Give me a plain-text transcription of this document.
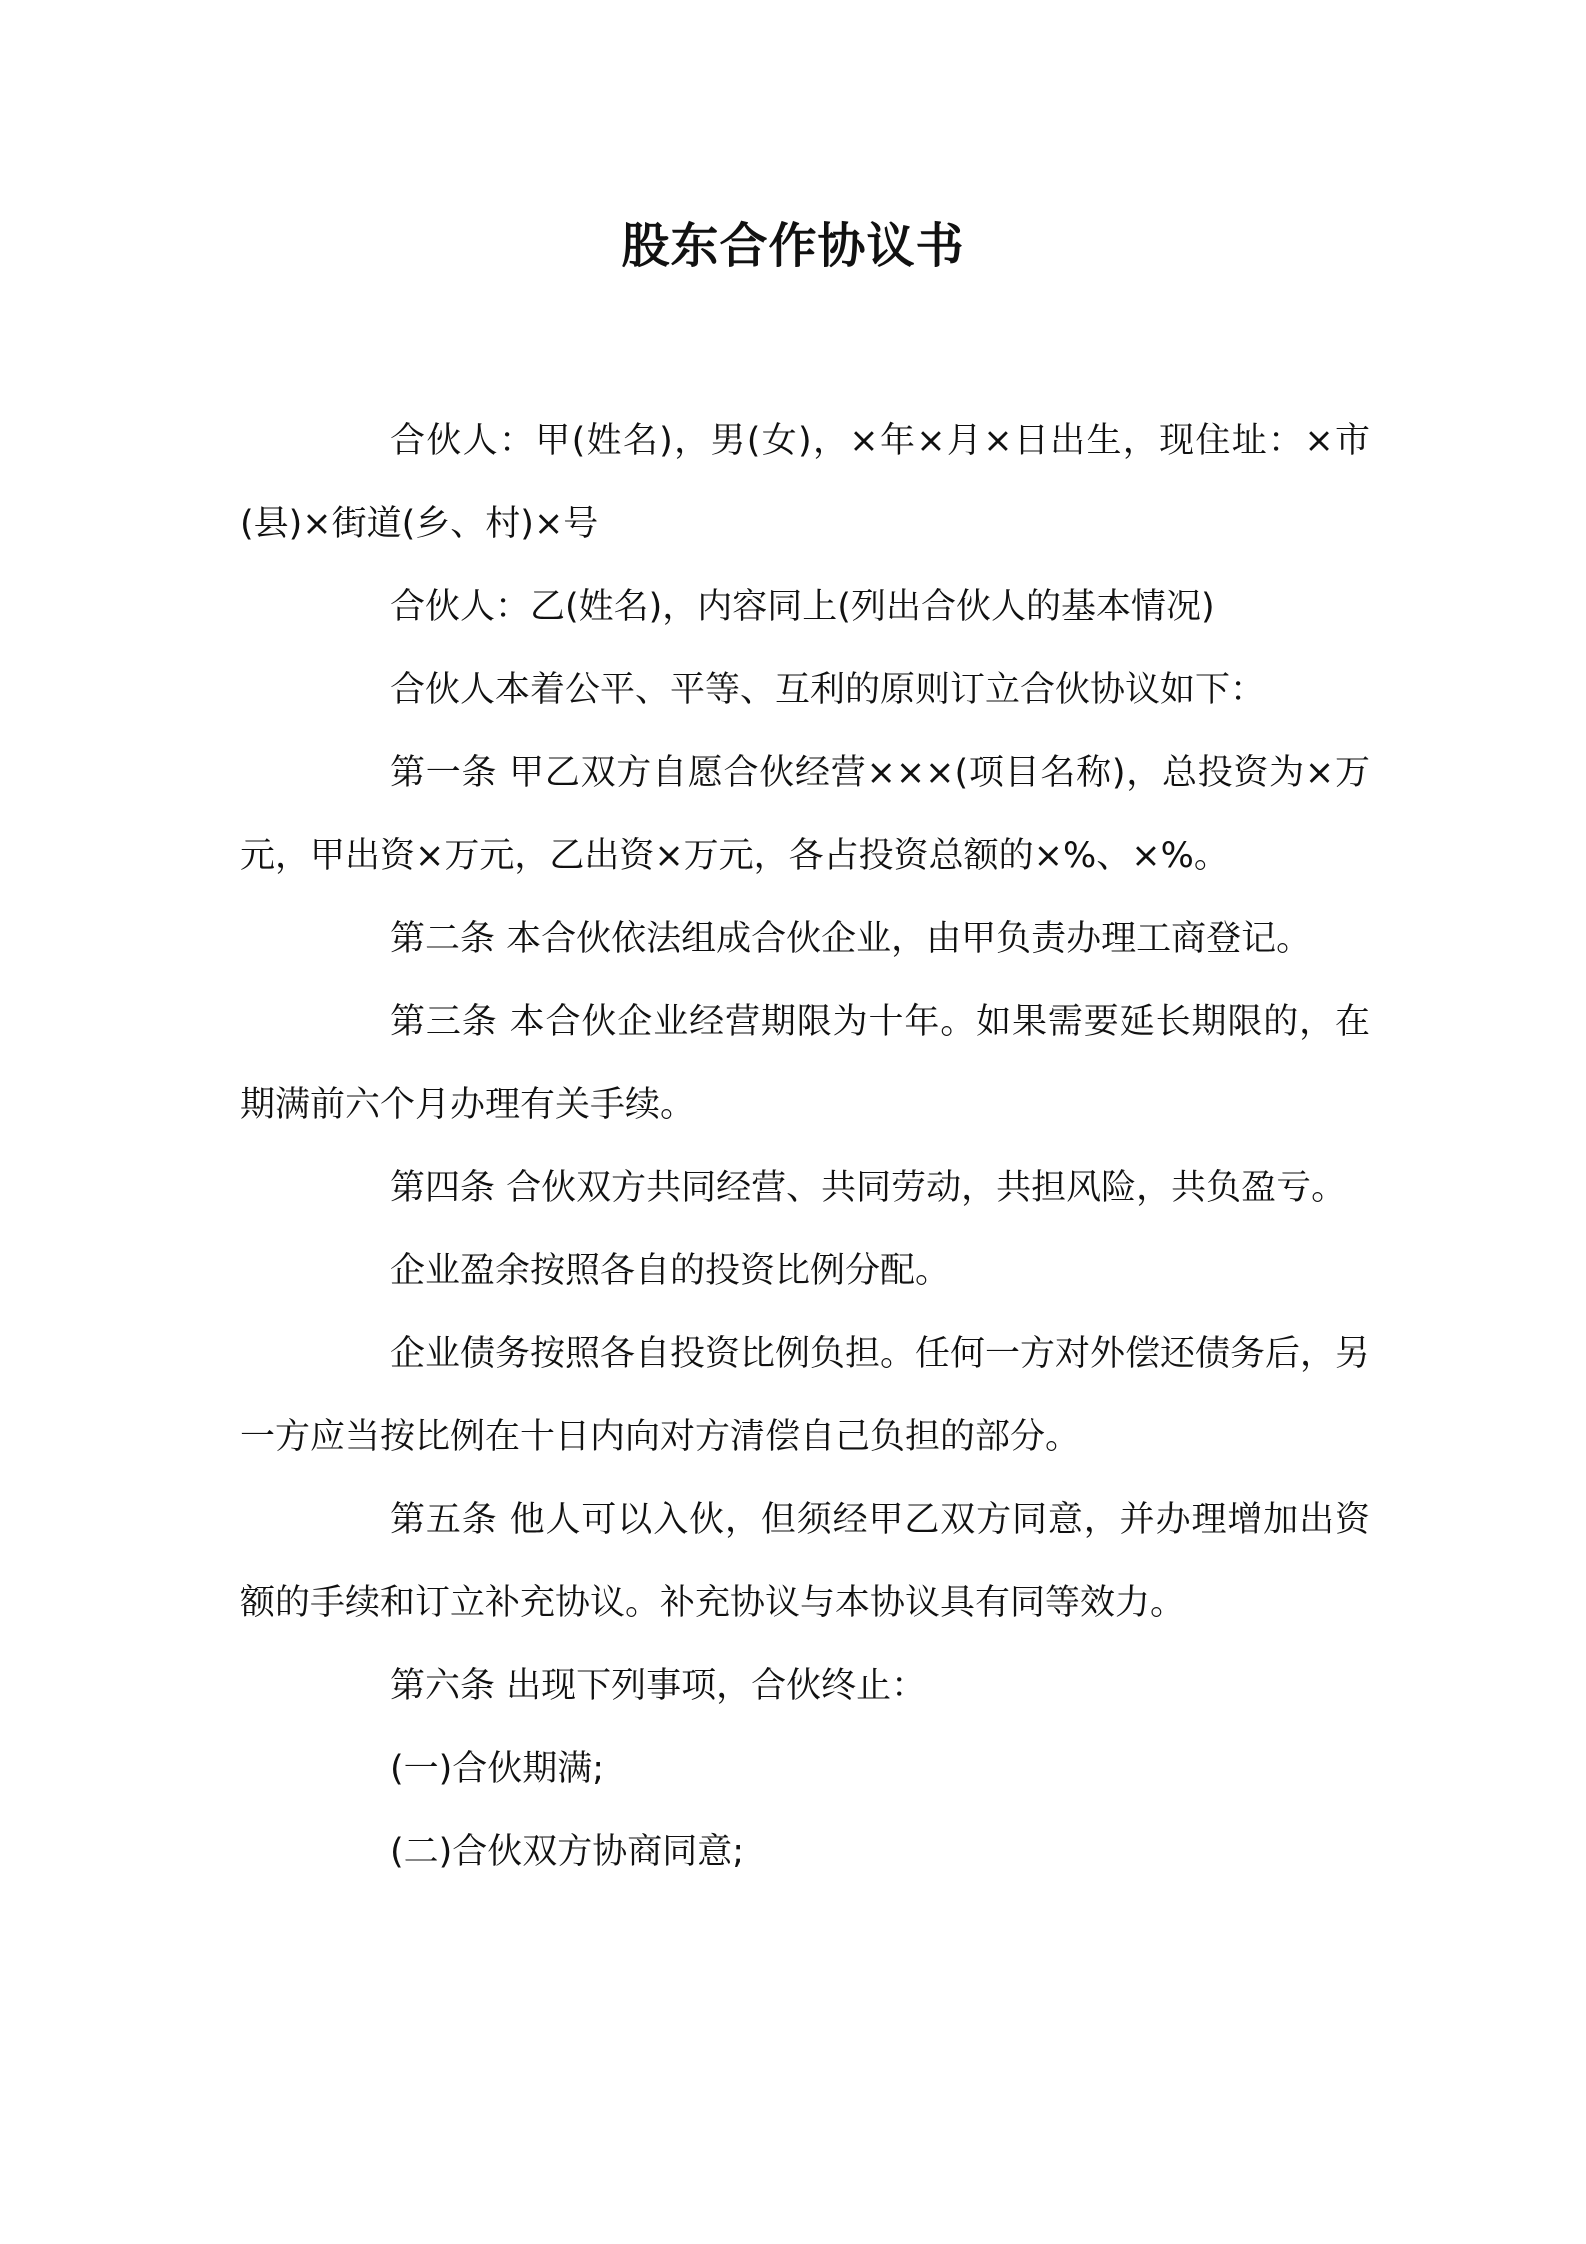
股东合作协议书

合伙人：甲(姓名)，男(女)，×年×月×日出生，现住址：×市(县)×街道(乡、村)×号

合伙人：乙(姓名)，内容同上(列出合伙人的基本情况)

合伙人本着公平、平等、互利的原则订立合伙协议如下：

第一条 甲乙双方自愿合伙经营×××(项目名称)，总投资为×万元，甲出资×万元，乙出资×万元，各占投资总额的×%、×%。

第二条 本合伙依法组成合伙企业，由甲负责办理工商登记。

第三条 本合伙企业经营期限为十年。如果需要延长期限的，在期满前六个月办理有关手续。

第四条 合伙双方共同经营、共同劳动，共担风险，共负盈亏。

企业盈余按照各自的投资比例分配。

企业债务按照各自投资比例负担。任何一方对外偿还债务后，另一方应当按比例在十日内向对方清偿自己负担的部分。

第五条 他人可以入伙，但须经甲乙双方同意，并办理增加出资额的手续和订立补充协议。补充协议与本协议具有同等效力。

第六条 出现下列事项，合伙终止：

(一)合伙期满;

(二)合伙双方协商同意;
